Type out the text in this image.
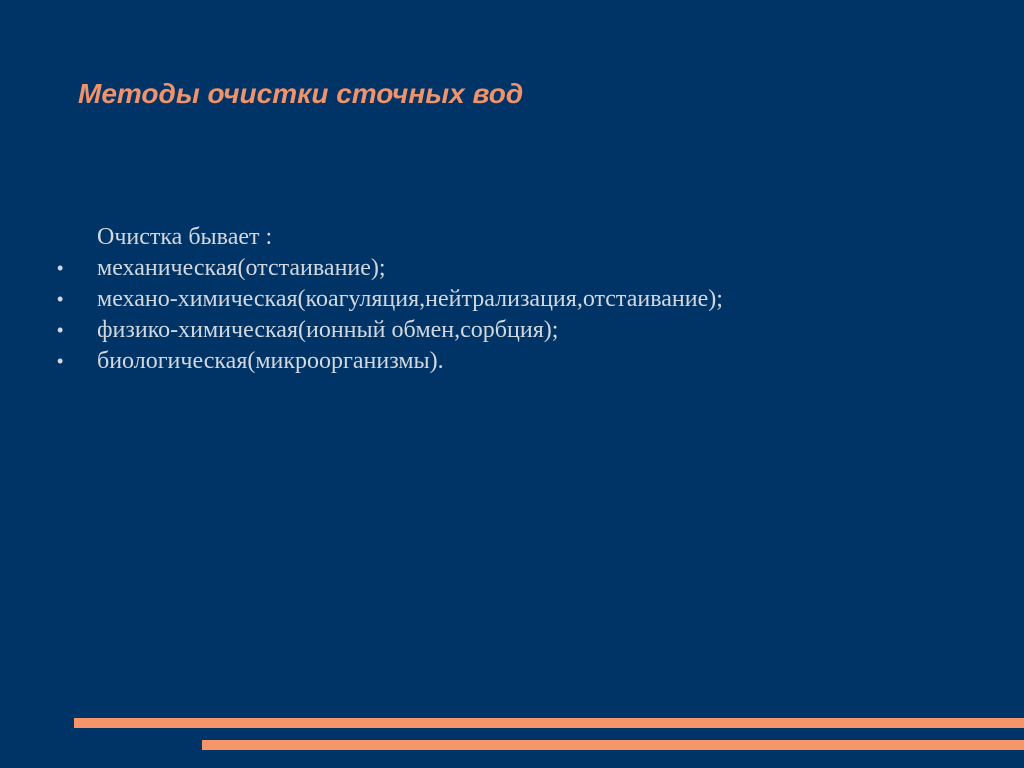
Методы очистки сточных вод

Очистка бывает :

•	механическая(отстаивание);
•	механо-химическая(коагуляция,нейтрализация,отстаивание);
•	физико-химическая(ионный обмен,сорбция);
•	биологическая(микроорганизмы).
